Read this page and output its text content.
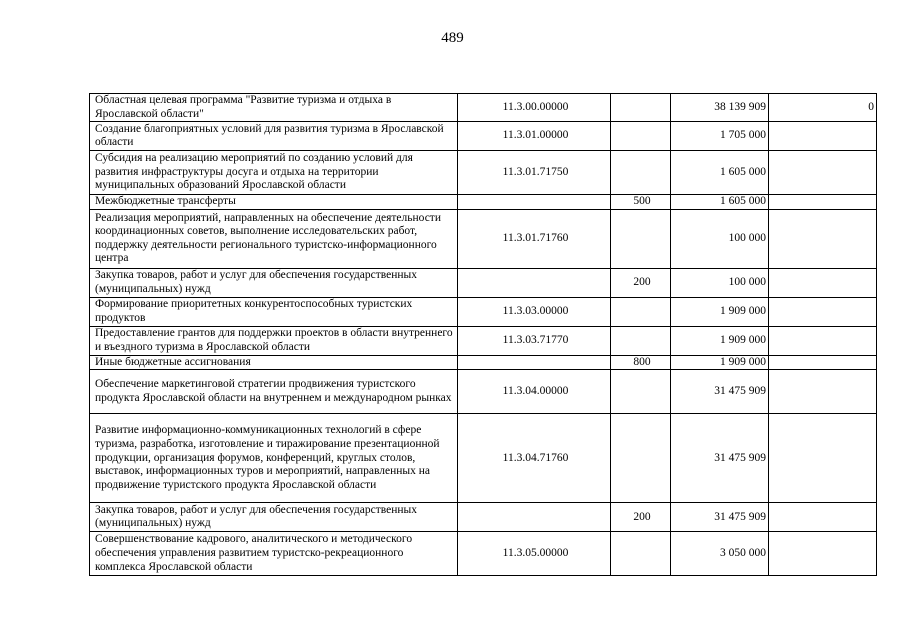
489
Областная целевая программа "Развитие туризма и отдыха в Ярославской области"	11.3.00.00000		38 139 909	0
Создание благоприятных условий для развития туризма в Ярославской области	11.3.01.00000		1 705 000	
Субсидия на реализацию мероприятий по созданию условий для развития инфраструктуры досуга и отдыха на территории муниципальных образований Ярославской области	11.3.01.71750		1 605 000	
Межбюджетные трансферты		500	1 605 000	
Реализация мероприятий, направленных на обеспечение деятельности координационных советов, выполнение исследовательских работ, поддержку деятельности регионального туристско-информационного центра	11.3.01.71760		100 000	
Закупка товаров, работ и услуг для обеспечения государственных (муниципальных) нужд		200	100 000	
Формирование приоритетных конкурентоспособных туристских продуктов	11.3.03.00000		1 909 000	
Предоставление грантов для поддержки проектов в области внутреннего и въездного туризма в Ярославской области	11.3.03.71770		1 909 000	
Иные бюджетные ассигнования		800	1 909 000	
Обеспечение маркетинговой стратегии продвижения туристского продукта Ярославской области на внутреннем и международном рынках	11.3.04.00000		31 475 909	
Развитие информационно-коммуникационных технологий в сфере туризма, разработка, изготовление и тиражирование презентационной продукции, организация форумов, конференций, круглых столов, выставок, информационных туров и мероприятий, направленных на продвижение туристского продукта Ярославской области	11.3.04.71760		31 475 909	
Закупка товаров, работ и услуг для обеспечения государственных (муниципальных) нужд		200	31 475 909	
Совершенствование кадрового, аналитического и методического обеспечения управления развитием туристско-рекреационного комплекса Ярославской области	11.3.05.00000		3 050 000	
